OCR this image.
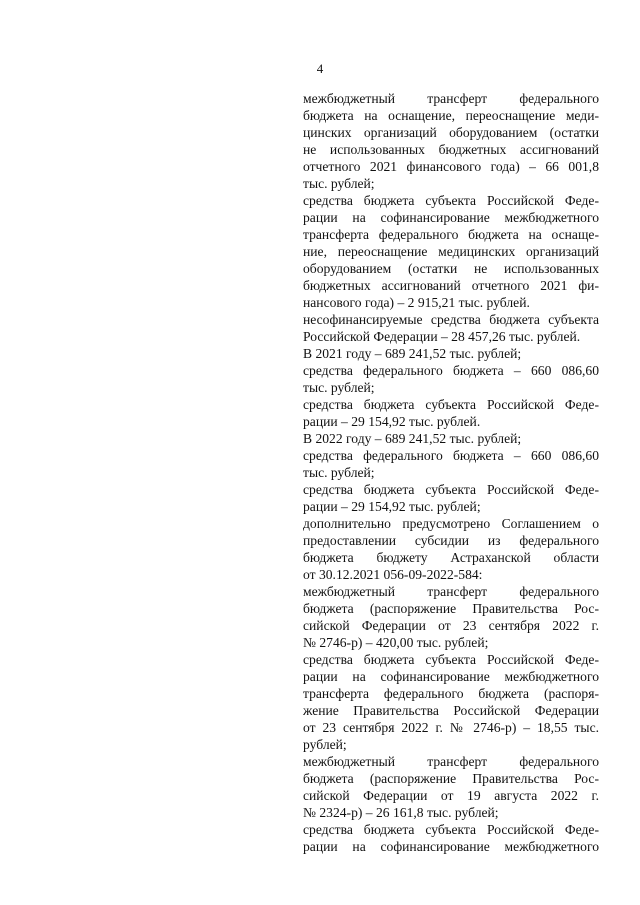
4
межбюджетный трансферт федерального
бюджета на оснащение, переоснащение меди-
цинских организаций оборудованием (остатки
не использованных бюджетных ассигнований
отчетного 2021 финансового года) – 66 001,8
тыс. рублей;
средства бюджета субъекта Российской Феде-
рации на софинансирование межбюджетного
трансферта федерального бюджета на оснаще-
ние, переоснащение медицинских организаций
оборудованием (остатки не использованных
бюджетных ассигнований отчетного 2021 фи-
нансового года) – 2 915,21 тыс. рублей.
несофинансируемые средства бюджета субъекта
Российской Федерации – 28 457,26 тыс. рублей.
В 2021 году – 689 241,52 тыс. рублей;
средства федерального бюджета – 660 086,60
тыс. рублей;
средства бюджета субъекта Российской Феде-
рации – 29 154,92 тыс. рублей.
В 2022 году – 689 241,52 тыс. рублей;
средства федерального бюджета – 660 086,60
тыс. рублей;
средства бюджета субъекта Российской Феде-
рации – 29 154,92 тыс. рублей;
дополнительно предусмотрено Соглашением о
предоставлении субсидии из федерального
бюджета бюджету Астраханской области
от 30.12.2021 056-09-2022-584:
межбюджетный трансферт федерального
бюджета (распоряжение Правительства Рос-
сийской Федерации от 23 сентября 2022 г.
№ 2746-р) – 420,00 тыс. рублей;
средства бюджета субъекта Российской Феде-
рации на софинансирование межбюджетного
трансферта федерального бюджета (распоря-
жение Правительства Российской Федерации
от 23 сентября 2022 г. № 2746-р) – 18,55 тыс.
рублей;
межбюджетный трансферт федерального
бюджета (распоряжение Правительства Рос-
сийской Федерации от 19 августа 2022 г.
№ 2324-р) – 26 161,8 тыс. рублей;
средства бюджета субъекта Российской Феде-
рации на софинансирование межбюджетного
